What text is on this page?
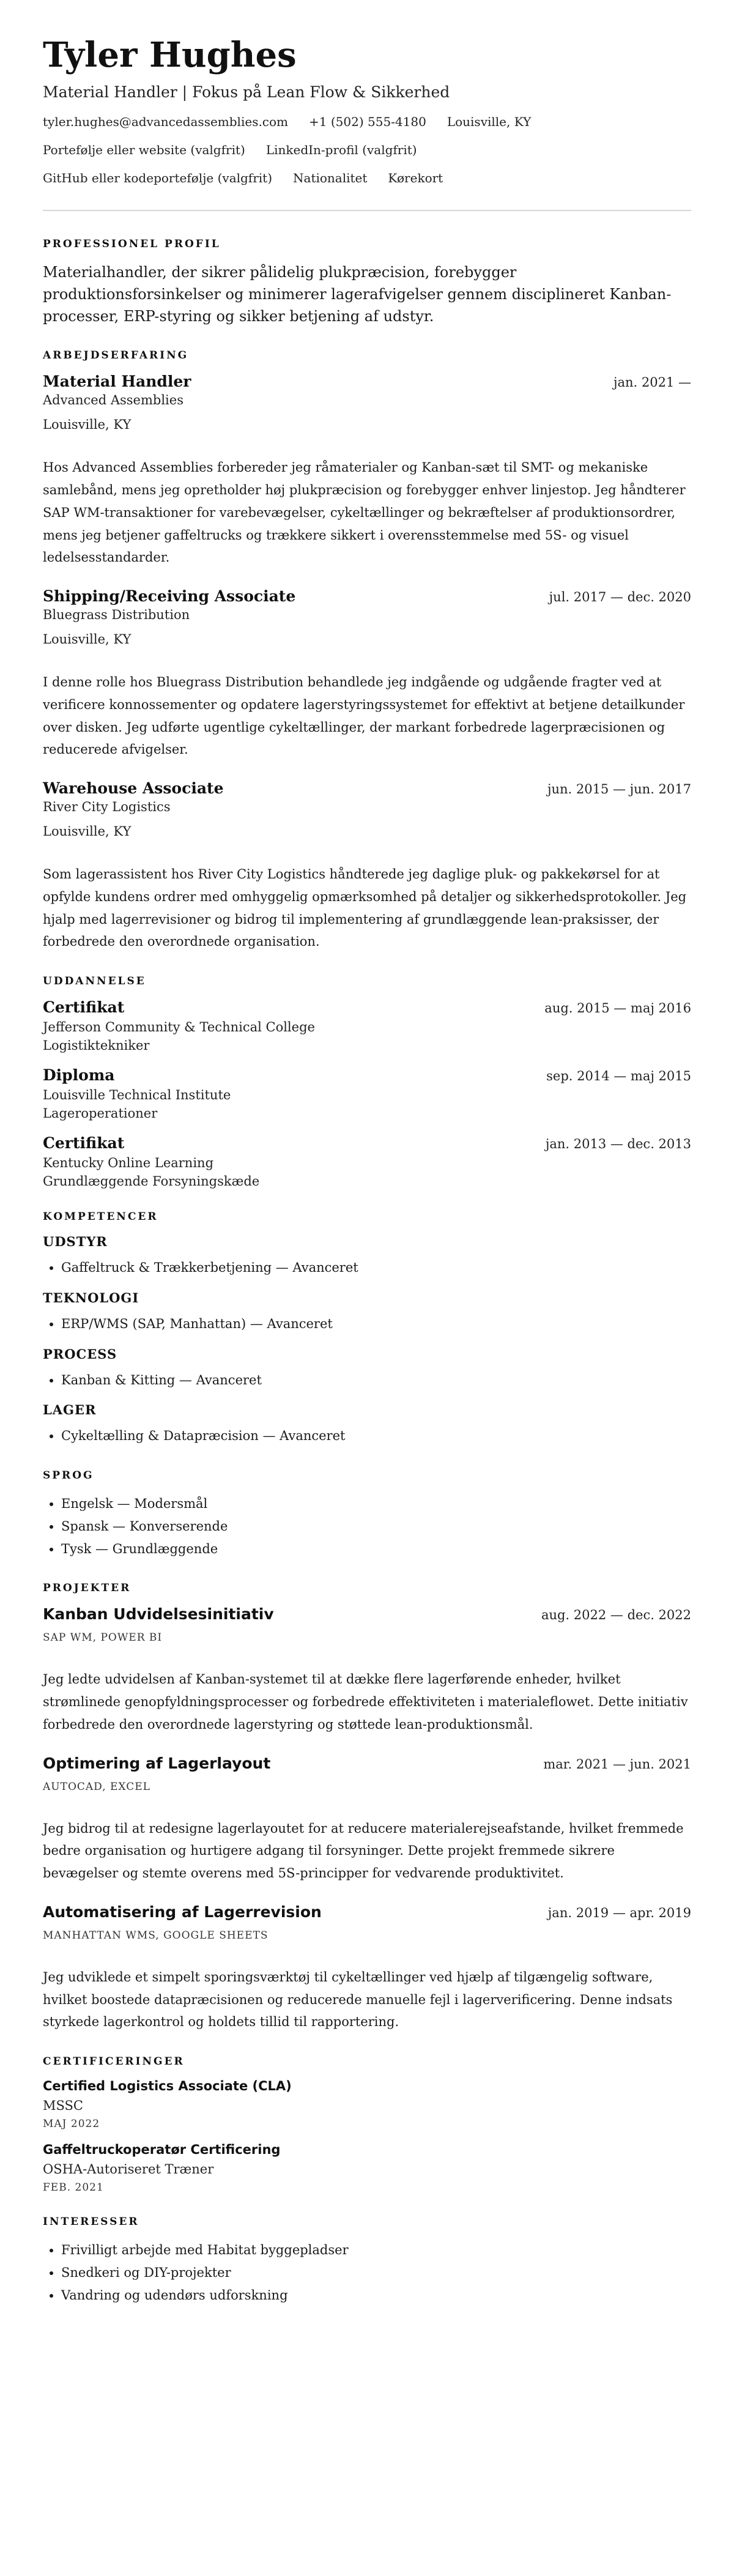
Tyler Hughes
Material Handler | Fokus på Lean Flow & Sikkerhed
tyler.hughes@advancedassemblies.com +1 (502) 555-4180 Louisville, KY
Portefølje eller website (valgfrit) LinkedIn-profil (valgfrit)
GitHub eller kodeportefølje (valgfrit) Nationalitet Kørekort
PROFESSIONEL PROFIL
Materialhandler, der sikrer pålidelig plukpræcision, forebygger produktionsforsinkelser og minimerer lagerafvigelser gennem disciplineret Kanban-processer, ERP-styring og sikker betjening af udstyr.
ARBEJDSERFARING
Material Handler	jan. 2021 —
Advanced Assemblies
Louisville, KY
Hos Advanced Assemblies forbereder jeg råmaterialer og Kanban-sæt til SMT- og mekaniske samlebånd, mens jeg opretholder høj plukpræcision og forebygger enhver linjestop. Jeg håndterer SAP WM-transaktioner for varebevægelser, cykeltællinger og bekræftelser af produktionsordrer, mens jeg betjener gaffeltrucks og trækkere sikkert i overensstemmelse med 5S- og visuel ledelsesstandarder.
Shipping/Receiving Associate	jul. 2017 — dec. 2020
Bluegrass Distribution
Louisville, KY
I denne rolle hos Bluegrass Distribution behandlede jeg indgående og udgående fragter ved at verificere konnossementer og opdatere lagerstyringssystemet for effektivt at betjene detailkunder over disken. Jeg udførte ugentlige cykeltællinger, der markant forbedrede lagerpræcisionen og reducerede afvigelser.
Warehouse Associate	jun. 2015 — jun. 2017
River City Logistics
Louisville, KY
Som lagerassistent hos River City Logistics håndterede jeg daglige pluk- og pakkekørsel for at opfylde kundens ordrer med omhyggelig opmærksomhed på detaljer og sikkerhedsprotokoller. Jeg hjalp med lagerrevisioner og bidrog til implementering af grundlæggende lean-praksisser, der forbedrede den overordnede organisation.
UDDANNELSE
Certifikat	aug. 2015 — maj 2016
Jefferson Community & Technical College
Logistiktekniker
Diploma	sep. 2014 — maj 2015
Louisville Technical Institute
Lageroperationer
Certifikat	jan. 2013 — dec. 2013
Kentucky Online Learning
Grundlæggende Forsyningskæde
KOMPETENCER
UDSTYR
• Gaffeltruck & Trækkerbetjening — Avanceret
TEKNOLOGI
• ERP/WMS (SAP, Manhattan) — Avanceret
PROCESS
• Kanban & Kitting — Avanceret
LAGER
• Cykeltælling & Datapræcision — Avanceret
SPROG
• Engelsk — Modersmål
• Spansk — Konverserende
• Tysk — Grundlæggende
PROJEKTER
Kanban Udvidelsesinitiativ	aug. 2022 — dec. 2022
SAP WM, POWER BI
Jeg ledte udvidelsen af Kanban-systemet til at dække flere lagerførende enheder, hvilket strømlinede genopfyldningsprocesser og forbedrede effektiviteten i materialeflowet. Dette initiativ forbedrede den overordnede lagerstyring og støttede lean-produktionsmål.
Optimering af Lagerlayout	mar. 2021 — jun. 2021
AUTOCAD, EXCEL
Jeg bidrog til at redesigne lagerlayoutet for at reducere materialerejseafstande, hvilket fremmede bedre organisation og hurtigere adgang til forsyninger. Dette projekt fremmede sikrere bevægelser og stemte overens med 5S-principper for vedvarende produktivitet.
Automatisering af Lagerrevision	jan. 2019 — apr. 2019
MANHATTAN WMS, GOOGLE SHEETS
Jeg udviklede et simpelt sporingsværktøj til cykeltællinger ved hjælp af tilgængelig software, hvilket boostede datapræcisionen og reducerede manuelle fejl i lagerverificering. Denne indsats styrkede lagerkontrol og holdets tillid til rapportering.
CERTIFICERINGER
Certified Logistics Associate (CLA)
MSSC
MAJ 2022
Gaffeltruckoperatør Certificering
OSHA-Autoriseret Træner
FEB. 2021
INTERESSER
• Frivilligt arbejde med Habitat byggepladser
• Snedkeri og DIY-projekter
• Vandring og udendørs udforskning
